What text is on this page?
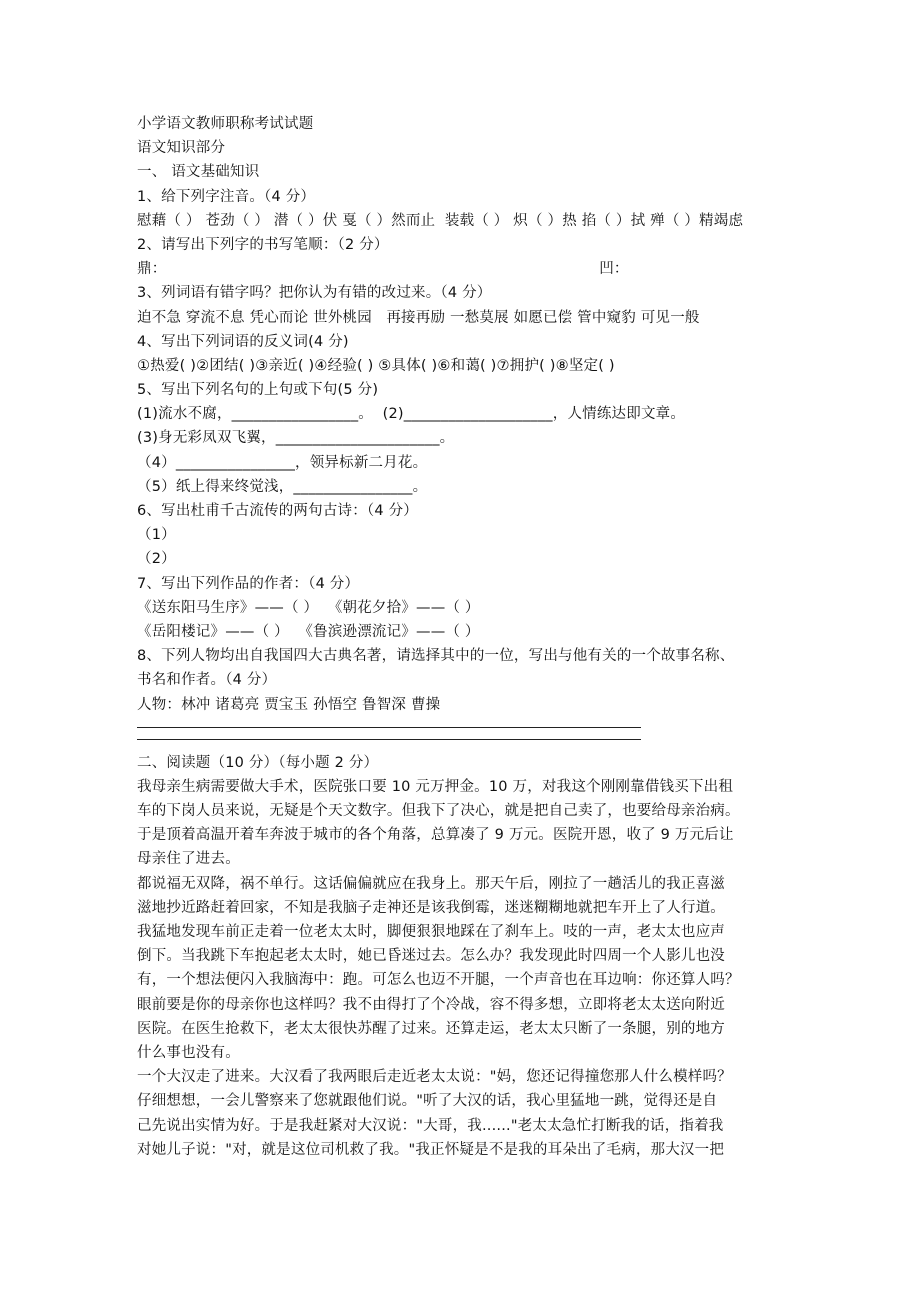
小学语文教师职称考试试题
语文知识部分
一、 语文基础知识
1、给下列字注音。（4 分）
慰藉（ ） 苍劲（ ） 潜（ ）伏 戛（ ）然而止  装载（ ） 炽（ ）热 掐（ ）拭 殚（ ）精竭虑
2、请写出下列字的书写笔顺：（2 分）
鼎：                                                                                          凹：
3、列词语有错字吗？把你认为有错的改过来。（4 分）
迫不急 穿流不息 凭心而论 世外桃园   再接再励 一愁莫展 如愿已偿 管中窥豹 可见一般
4、写出下列词语的反义词(4 分)
①热爱( )②团结( )③亲近( )④经验( ) ⑤具体( )⑥和蔼( )⑦拥护( )⑧坚定( )
5、写出下列名句的上句或下句(5 分)
(1)流水不腐，_________________。  (2)____________________，人情练达即文章。
(3)身无彩凤双飞翼，______________________。
（4）________________，领异标新二月花。
（5）纸上得来终觉浅，________________。
6、写出杜甫千古流传的两句古诗：（4 分）
（1）
（2）
7、写出下列作品的作者：（4 分）
《送东阳马生序》——（ ）  《朝花夕拾》——（ ）
《岳阳楼记》——（ ）  《鲁滨逊漂流记》——（ ）
8、下列人物均出自我国四大古典名著，请选择其中的一位，写出与他有关的一个故事名称、
书名和作者。（4 分）
人物：林冲 诸葛亮 贾宝玉 孙悟空 鲁智深 曹操
二、阅读题（10 分）（每小题 2 分）
我母亲生病需要做大手术，医院张口要 10 元万押金。10 万，对我这个刚刚靠借钱买下出租
车的下岗人员来说，无疑是个天文数字。但我下了决心，就是把自己卖了，也要给母亲治病。
于是顶着高温开着车奔波于城市的各个角落，总算凑了 9 万元。医院开恩，收了 9 万元后让
母亲住了进去。
都说福无双降，祸不单行。这话偏偏就应在我身上。那天午后，刚拉了一趟活儿的我正喜滋
滋地抄近路赶着回家，不知是我脑子走神还是该我倒霉，迷迷糊糊地就把车开上了人行道。
我猛地发现车前正走着一位老太太时，脚便狠狠地踩在了刹车上。吱的一声，老太太也应声
倒下。当我跳下车抱起老太太时，她已昏迷过去。怎么办？我发现此时四周一个人影儿也没
有，一个想法便闪入我脑海中：跑。可怎么也迈不开腿，一个声音也在耳边响：你还算人吗？
眼前要是你的母亲你也这样吗？我不由得打了个冷战，容不得多想，立即将老太太送向附近
医院。在医生抢救下，老太太很快苏醒了过来。还算走运，老太太只断了一条腿，别的地方
什么事也没有。
一个大汉走了进来。大汉看了我两眼后走近老太太说："妈，您还记得撞您那人什么模样吗？
仔细想想，一会儿警察来了您就跟他们说。"听了大汉的话，我心里猛地一跳，觉得还是自
己先说出实情为好。于是我赶紧对大汉说："大哥，我......"老太太急忙打断我的话，指着我
对她儿子说："对，就是这位司机救了我。"我正怀疑是不是我的耳朵出了毛病，那大汉一把
